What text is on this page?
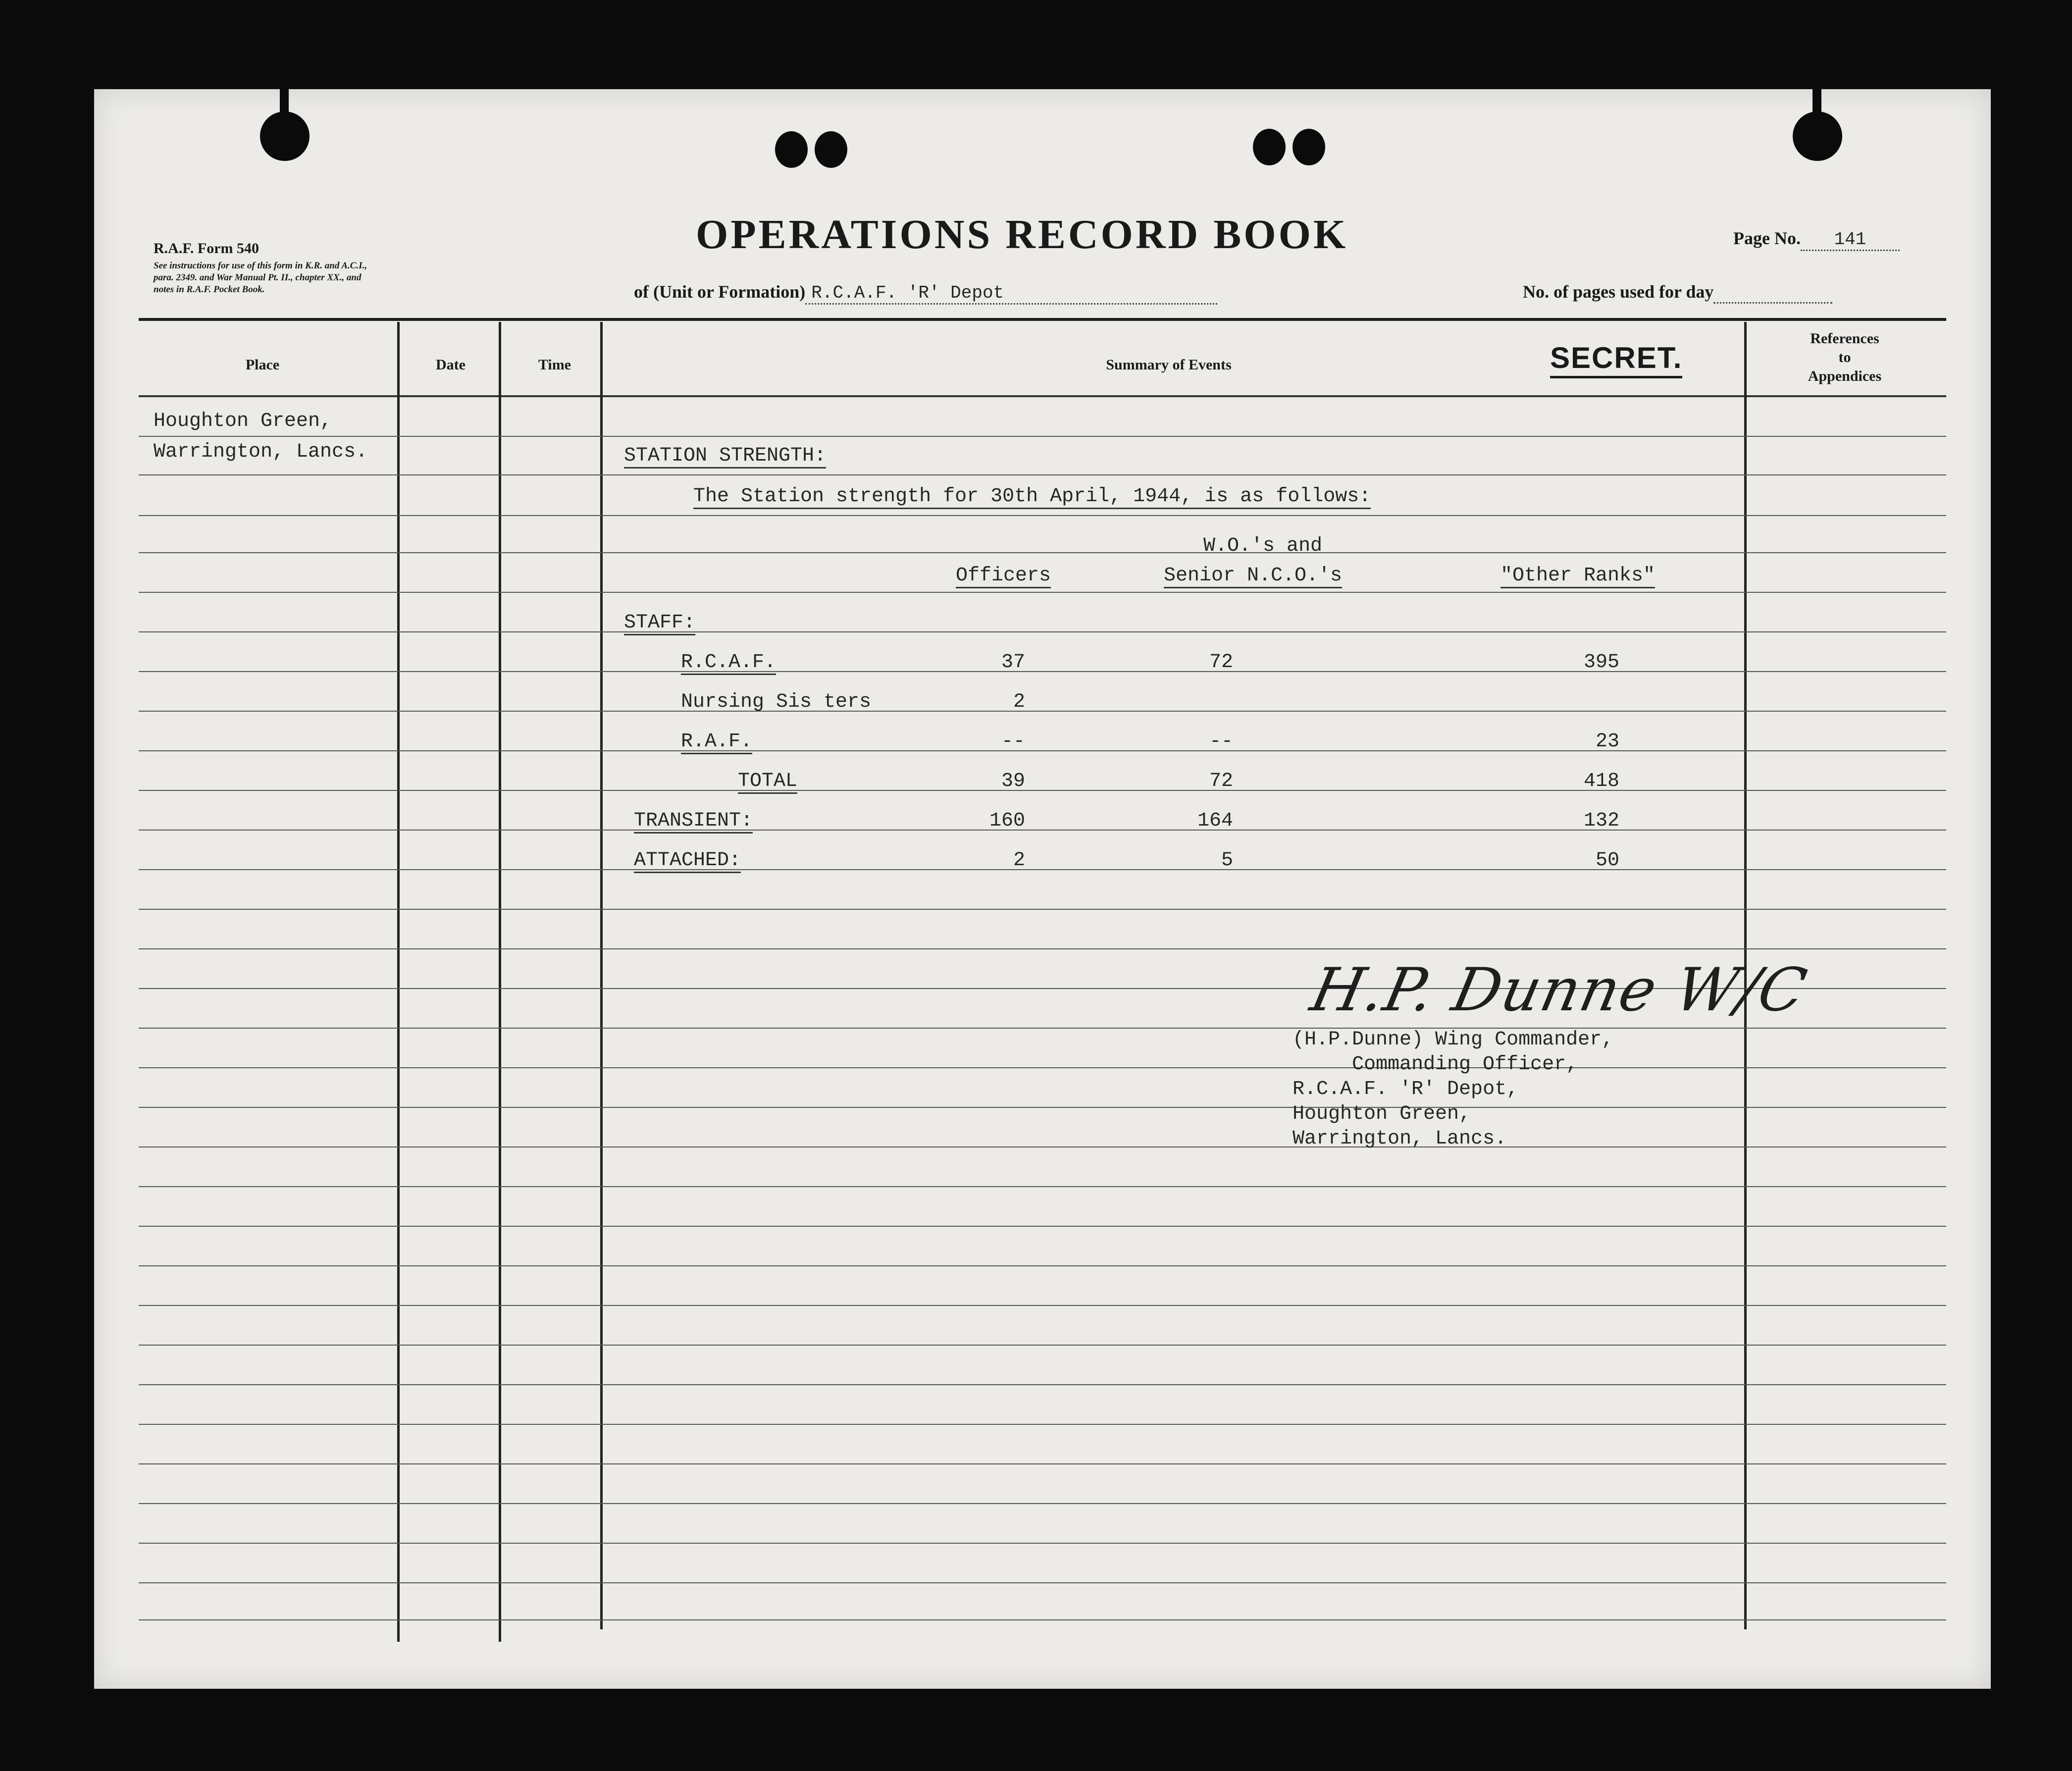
R.A.F. Form 540
See instructions for use of this form in K.R. and A.C.I.,
para. 2349. and War Manual Pt. II., chapter XX., and
notes in R.A.F. Pocket Book.
OPERATIONS RECORD BOOK	Page No. 141
of (Unit or Formation) R.C.A.F. 'R' Depot	No. of pages used for day
Place	Date	Time	Summary of Events	SECRET.
References
to
Appendices
Houghton Green,
Warrington, Lancs.	STATION STRENGTH:
The Station strength for 30th April, 1944, is as follows:
W.O.'s and
Officers	Senior N.C.O.'s	"Other Ranks"
STAFF:
R.C.A.F.	37	72	395
Nursing Sis ters	2
R.A.F.	--	--	23
TOTAL	39	72	418
TRANSIENT:	160	164	132
ATTACHED:	2	5	50
H.P. Dunne W/C
(H.P.Dunne) Wing Commander,
Commanding Officer,
R.C.A.F. 'R' Depot,
Houghton Green,
Warrington, Lancs.
